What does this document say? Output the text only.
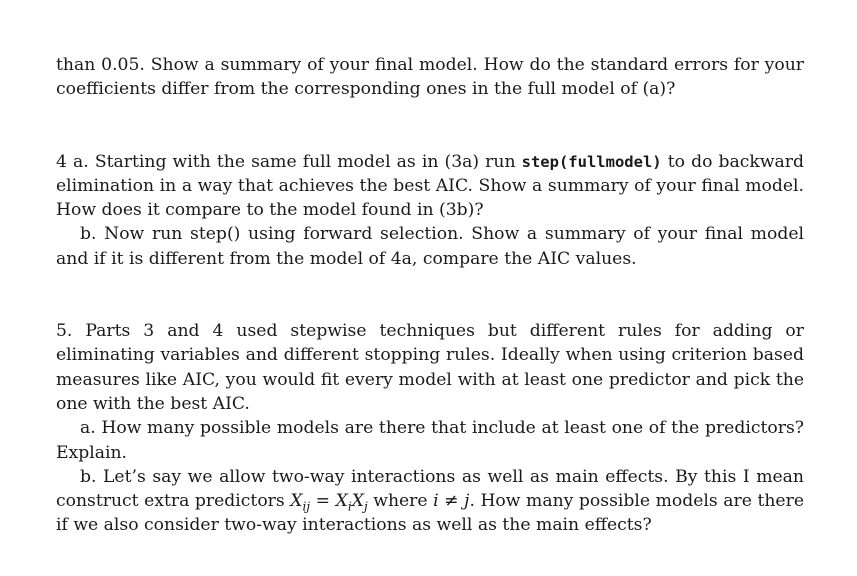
than 0.05. Show a summary of your final model. How do the standard errors for your coefficients differ from the corresponding ones in the full model of (a)?

4 a. Starting with the same full model as in (3a) run step(fullmodel) to do backward elimination in a way that achieves the best AIC. Show a summary of your final model. How does it compare to the model found in (3b)?

b. Now run step() using forward selection. Show a summary of your final model and if it is different from the model of 4a, compare the AIC values.

5. Parts 3 and 4 used stepwise techniques but different rules for adding or eliminating variables and different stopping rules. Ideally when using criterion based measures like AIC, you would fit every model with at least one predictor and pick the one with the best AIC.

a. How many possible models are there that include at least one of the predictors? Explain.

b. Let’s say we allow two-way interactions as well as main effects. By this I mean construct extra predictors $X_{ij} = X_iX_j$ where i ≠ j. How many possible models are there if we also consider two-way interactions as well as the main effects?
